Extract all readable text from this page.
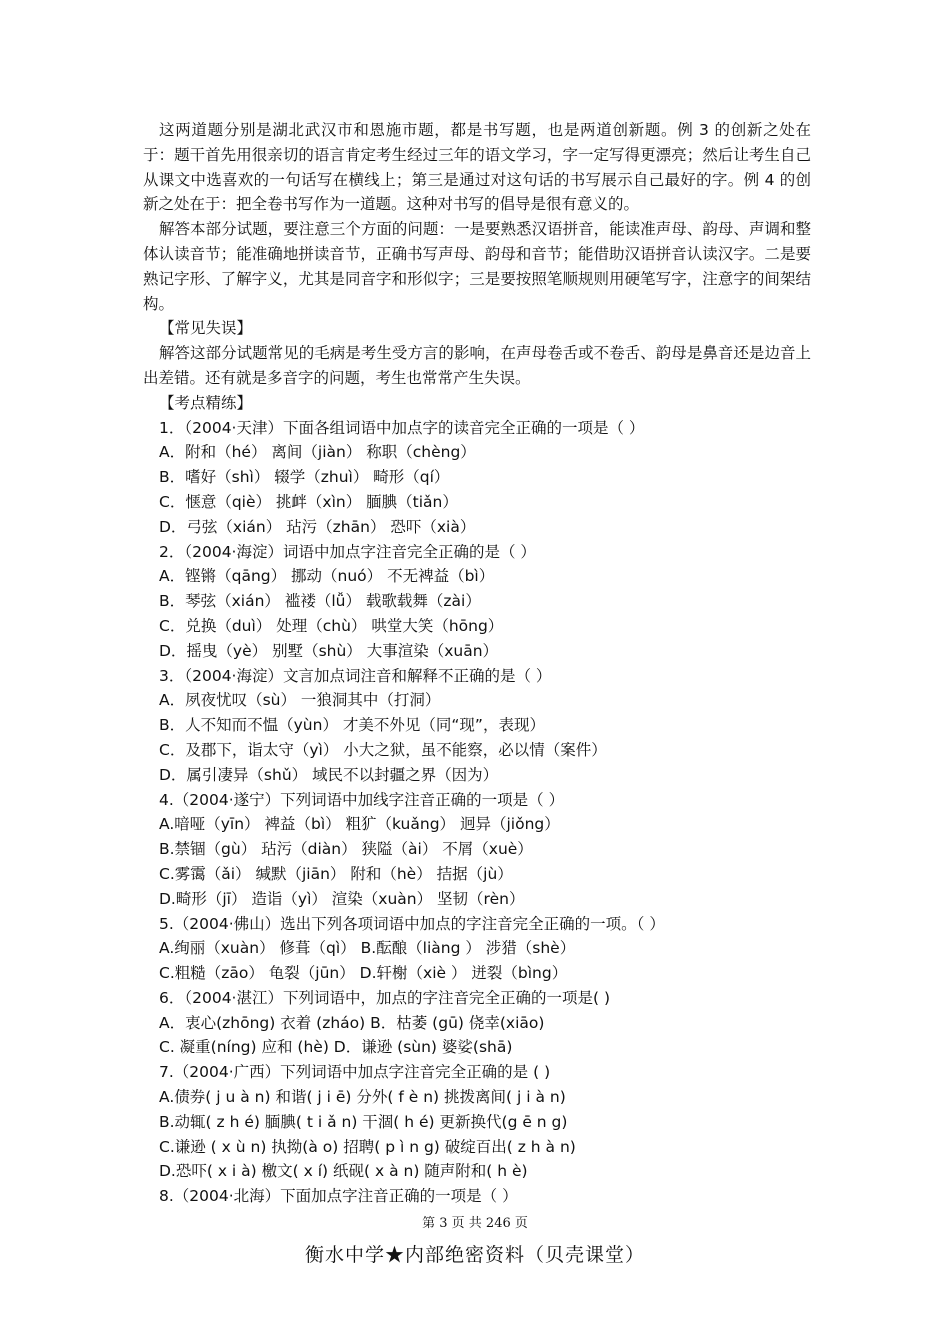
这两道题分别是湖北武汉市和恩施市题，都是书写题，也是两道创新题。例 3 的创新之处在于：题干首先用很亲切的语言肯定考生经过三年的语文学习，字一定写得更漂亮；然后让考生自己从课文中选喜欢的一句话写在横线上；第三是通过对这句话的书写展示自己最好的字。例 4 的创新之处在于：把全卷书写作为一道题。这种对书写的倡导是很有意义的。

解答本部分试题，要注意三个方面的问题：一是要熟悉汉语拼音，能读准声母、韵母、声调和整体认读音节；能准确地拼读音节，正确书写声母、韵母和音节；能借助汉语拼音认读汉字。二是要熟记字形、了解字义，尤其是同音字和形似字；三是要按照笔顺规则用硬笔写字，注意字的间架结构。

【常见失误】

解答这部分试题常见的毛病是考生受方言的影响，在声母卷舌或不卷舌、韵母是鼻音还是边音上出差错。还有就是多音字的问题，考生也常常产生失误。

【考点精练】
1．（2004·天津）下面各组词语中加点字的读音完全正确的一项是（ ）
A．附和（hé） 离间（jiàn） 称职（chèng）
B．嗜好（shì） 辍学（zhuì） 畸形（qí）
C．惬意（qiè） 挑衅（xìn） 腼腆（tiǎn）
D．弓弦（xián） 玷污（zhān） 恐吓（xià）
2．（2004·海淀）词语中加点字注音完全正确的是（ ）
A．铿锵（qāng） 挪动（nuó） 不无裨益（bì）
B．琴弦（xián） 褴褛（lǚ） 载歌载舞（zài）
C．兑换（duì） 处理（chù） 哄堂大笑（hōng）
D．摇曳（yè） 别墅（shù） 大事渲染（xuān）
3．（2004·海淀）文言加点词注音和解释不正确的是（ ）
A．夙夜忧叹（sù） 一狼洞其中（打洞）
B．人不知而不愠（yùn） 才美不外见（同“现”，表现）
C．及郡下，诣太守（yì） 小大之狱，虽不能察，必以情（案件）
D．属引凄异（shǔ） 域民不以封疆之界（因为）
4.（2004·遂宁）下列词语中加线字注音正确的一项是（ ）
A.喑哑（yīn） 裨益（bì） 粗犷（kuǎng） 迥异（jiǒng）
B.禁锢（gù） 玷污（diàn） 狭隘（ài） 不屑（xuè）
C.雾霭（ǎi） 缄默（jiān） 附和（hè） 拮据（jù）
D.畸形（jī） 造诣（yì） 渲染（xuàn） 坚韧（rèn）
5.（2004·佛山）选出下列各项词语中加点的字注音完全正确的一项。（ ）
A.绚丽（xuàn） 修葺（qì） B.酝酿（liàng ） 涉猎（shè）
C.粗糙（zāo） 龟裂（jūn） D.轩榭（xiè ） 迸裂（bìng）
6．（2004·湛江）下列词语中，加点的字注音完全正确的一项是( )
A．衷心(zhōng) 衣着 (zháo) B．枯萎 (gū) 侥幸(xiāo)
C. 凝重(níng) 应和 (hè) D．谦逊 (sùn) 婆娑(shā)
7.（2004·广西）下列词语中加点字注音完全正确的是 ( )
A.债券( j u à n) 和谐( j i ē) 分外( f è n) 挑拨离间( j i à n)
B.动辄( z h é) 腼腆( t i ǎ n) 干涸( h é) 更新换代(g ē n g)
C.谦逊 ( x ù n) 执拗(à o) 招聘( p ì n g) 破绽百出( z h à n)
D.恐吓( x i à) 檄文( x í) 纸砚( x à n) 随声附和( h è)
8.（2004·北海）下面加点字注音正确的一项是（ ）
第 3 页 共 246 页
衡水中学★内部绝密资料（贝壳课堂）
